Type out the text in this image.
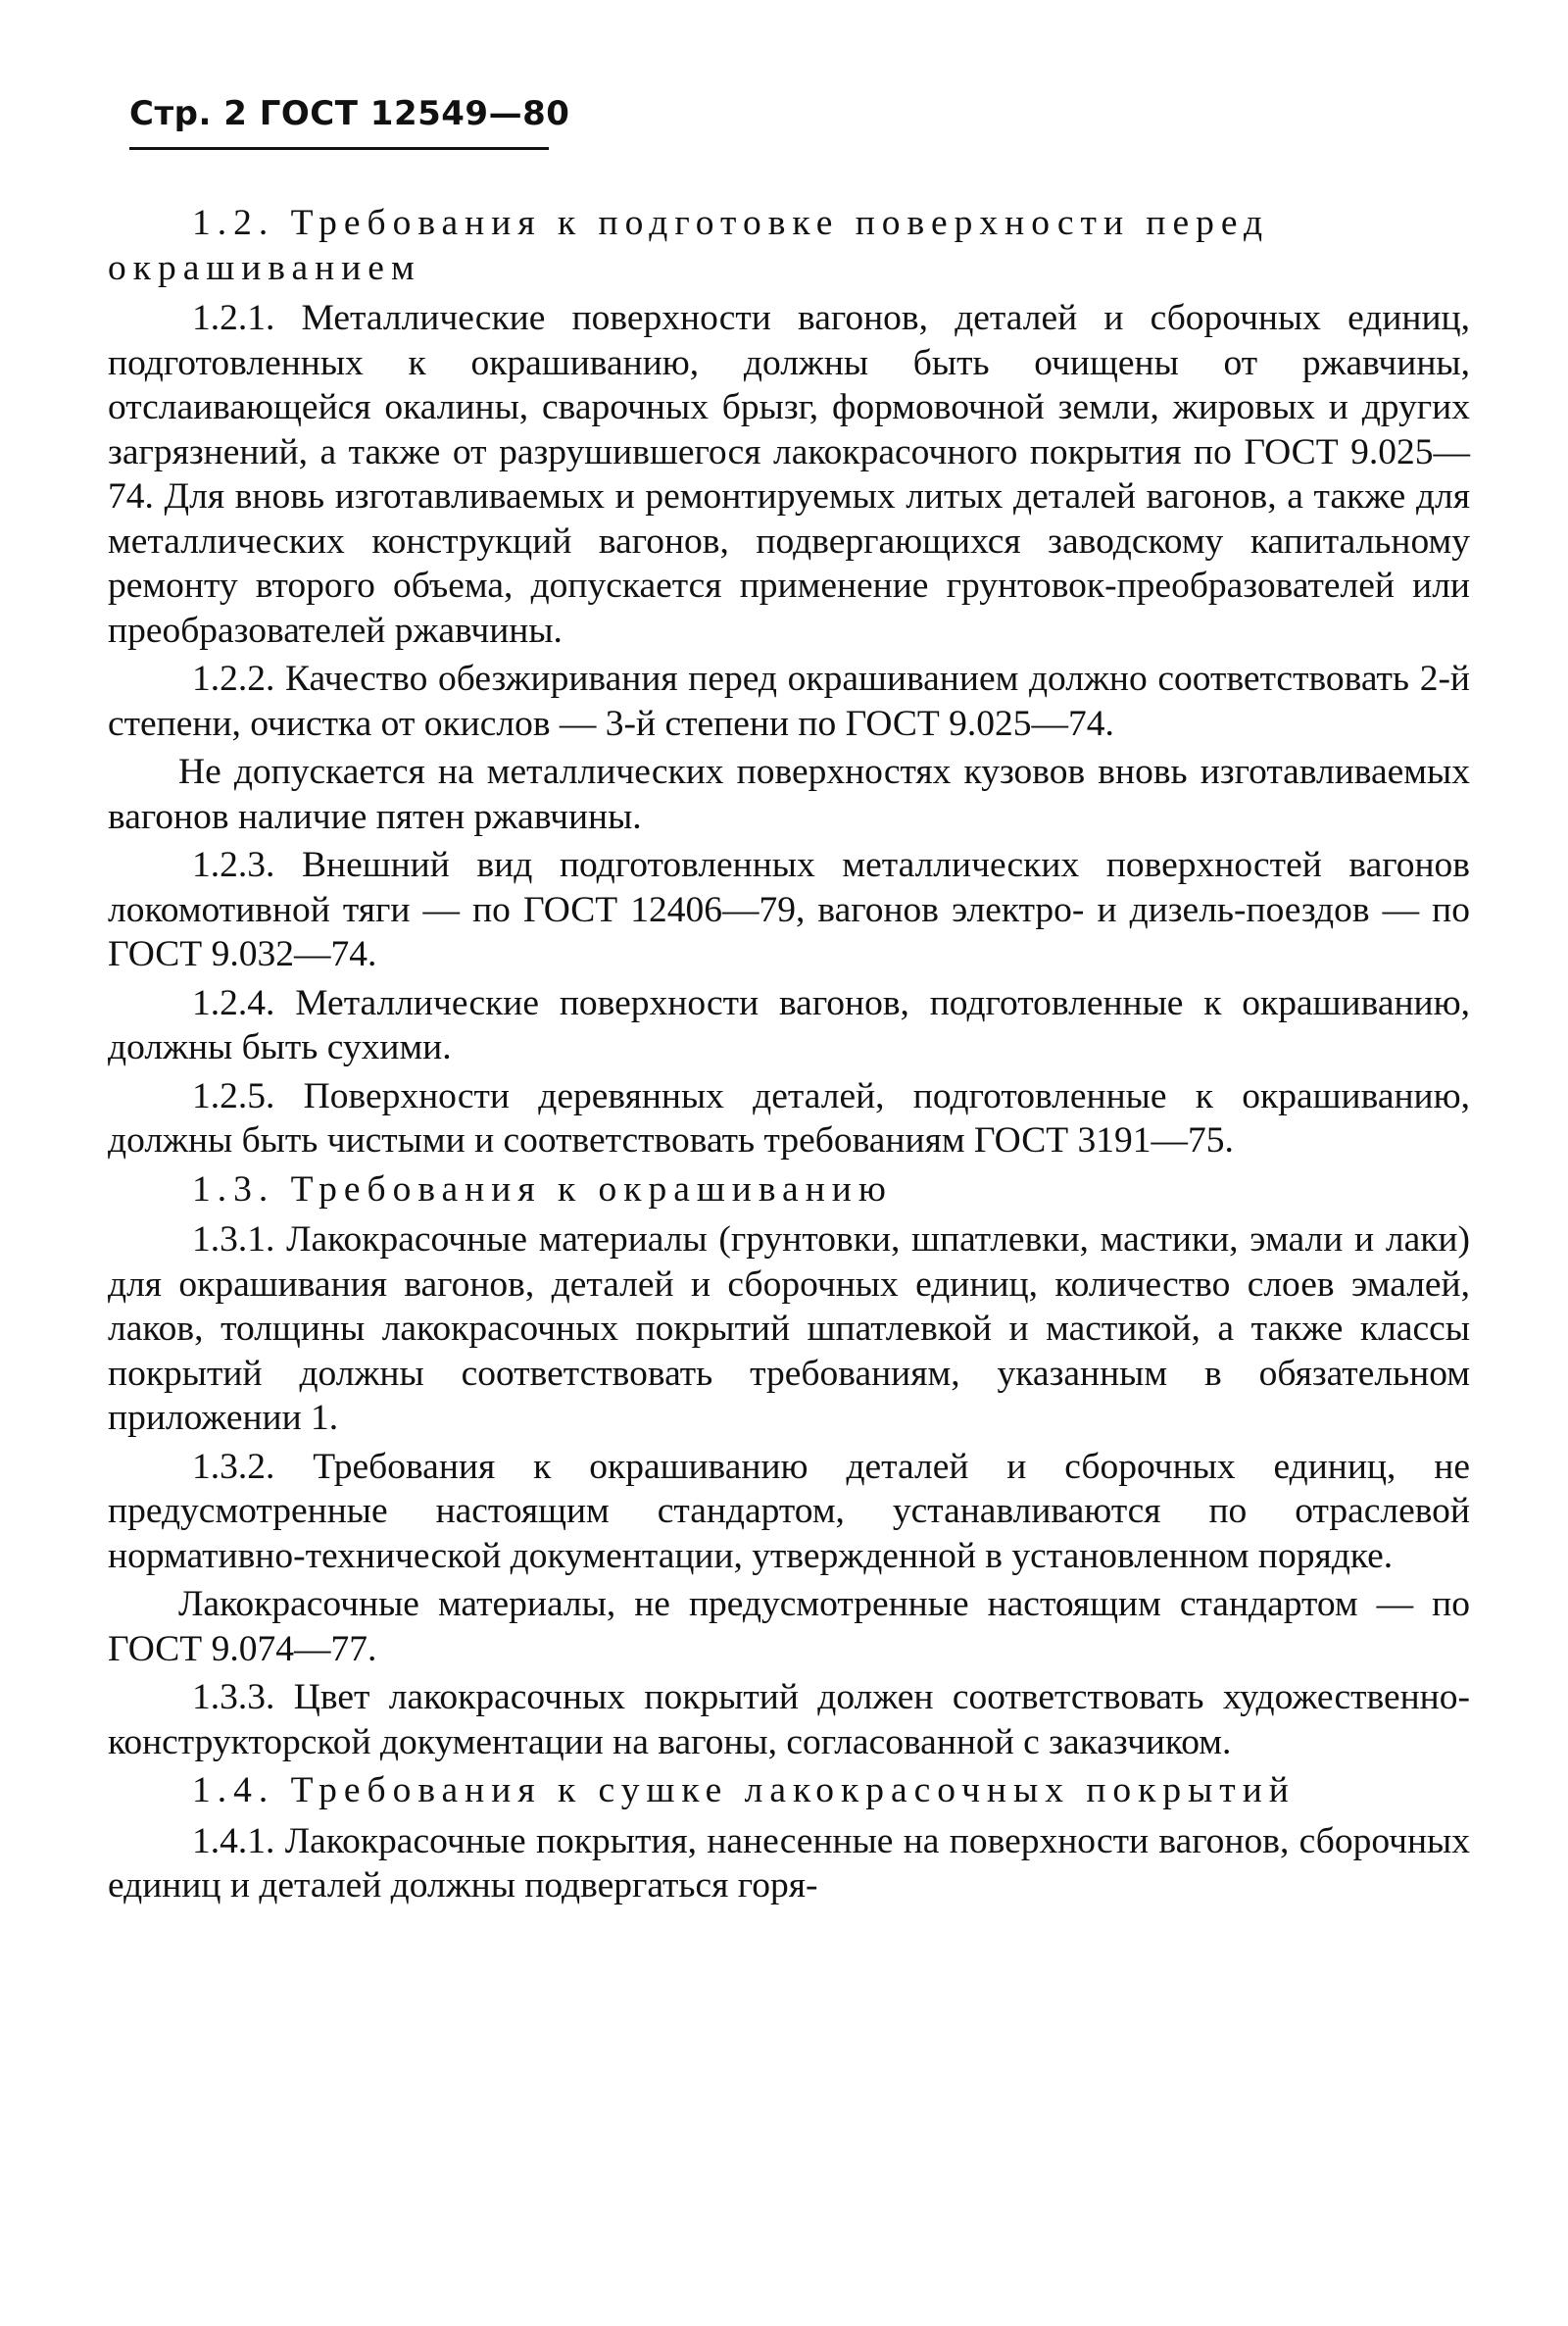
Стр. 2 ГОСТ 12549—80

1.2. Требования к подготовке поверхности перед окрашиванием

1.2.1. Металлические поверхности вагонов, деталей и сборочных единиц, подготовленных к окрашиванию, должны быть очищены от ржавчины, отслаивающейся окалины, сварочных брызг, формовочной земли, жировых и других загрязнений, а также от разрушившегося лакокрасочного покрытия по ГОСТ 9.025—74. Для вновь изготавливаемых и ремонтируемых литых деталей вагонов, а также для металлических конструкций вагонов, подвергающихся заводскому капитальному ремонту второго объема, допускается применение грунтовок-преобразователей или преобразователей ржавчины.

1.2.2. Качество обезжиривания перед окрашиванием должно соответствовать 2-й степени, очистка от окислов — 3-й степени по ГОСТ 9.025—74.

Не допускается на металлических поверхностях кузовов вновь изготавливаемых вагонов наличие пятен ржавчины.

1.2.3. Внешний вид подготовленных металлических поверхностей вагонов локомотивной тяги — по ГОСТ 12406—79, вагонов электро- и дизель-поездов — по ГОСТ 9.032—74.

1.2.4. Металлические поверхности вагонов, подготовленные к окрашиванию, должны быть сухими.

1.2.5. Поверхности деревянных деталей, подготовленные к окрашиванию, должны быть чистыми и соответствовать требованиям ГОСТ 3191—75.

1.3. Требования к окрашиванию

1.3.1. Лакокрасочные материалы (грунтовки, шпатлевки, мастики, эмали и лаки) для окрашивания вагонов, деталей и сборочных единиц, количество слоев эмалей, лаков, толщины лакокрасочных покрытий шпатлевкой и мастикой, а также классы покрытий должны соответствовать требованиям, указанным в обязательном приложении 1.

1.3.2. Требования к окрашиванию деталей и сборочных единиц, не предусмотренные настоящим стандартом, устанавливаются по отраслевой нормативно-технической документации, утвержденной в установленном порядке.

Лакокрасочные материалы, не предусмотренные настоящим стандартом — по ГОСТ 9.074—77.

1.3.3. Цвет лакокрасочных покрытий должен соответствовать художественно-конструкторской документации на вагоны, согласованной с заказчиком.

1.4. Требования к сушке лакокрасочных покрытий

1.4.1. Лакокрасочные покрытия, нанесенные на поверхности вагонов, сборочных единиц и деталей должны подвергаться горя-
